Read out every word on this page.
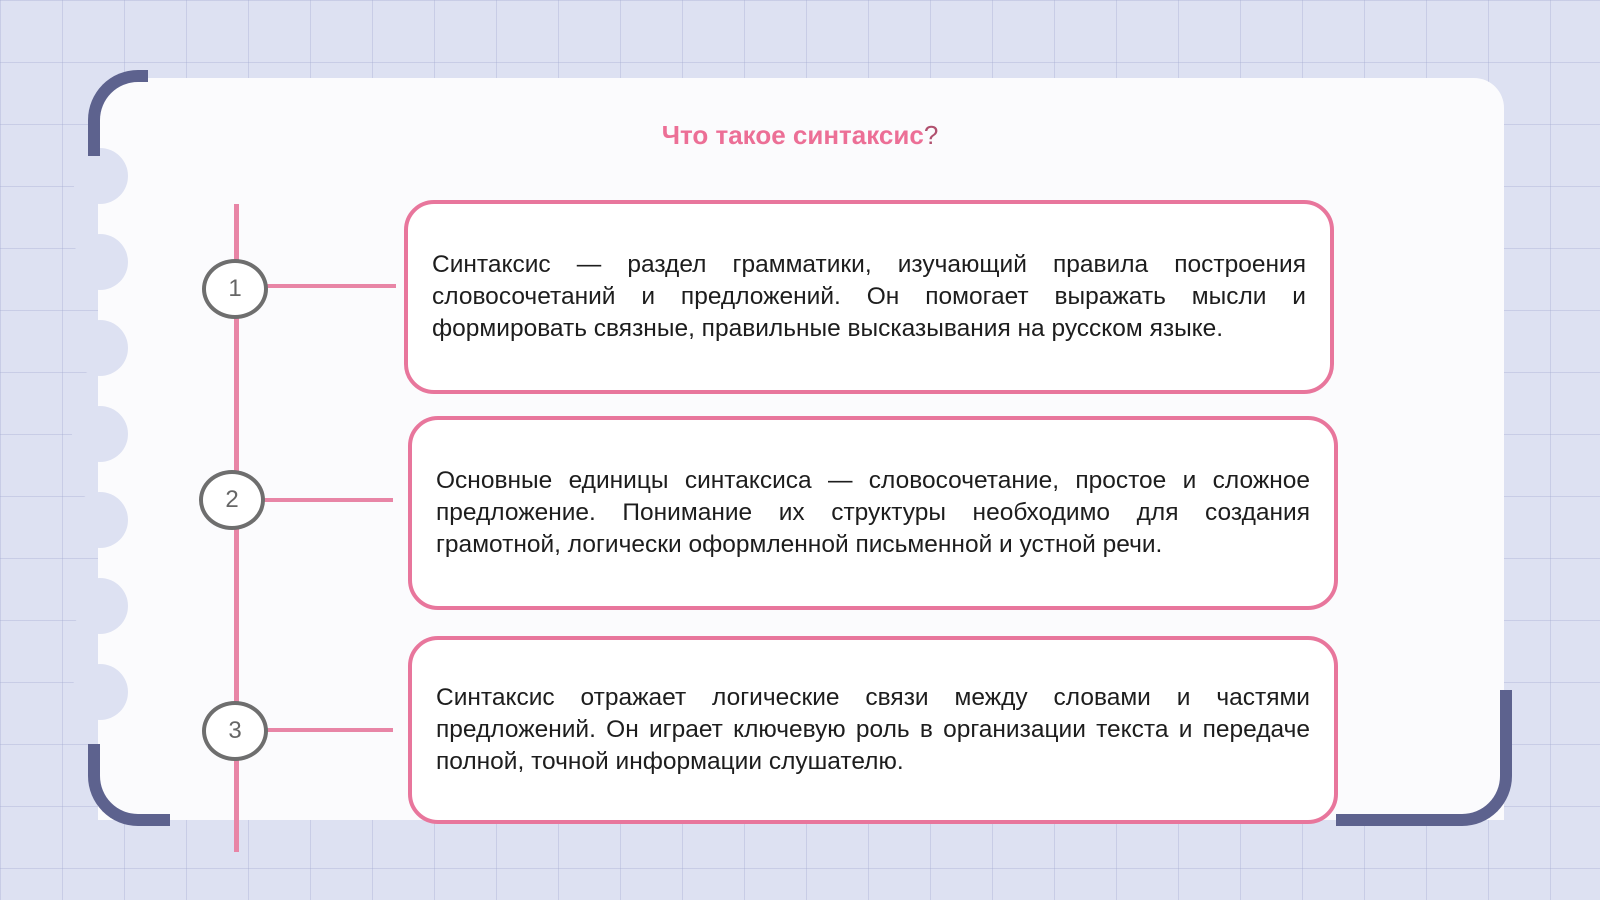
Что такое синтаксис?
1

Синтаксис — раздел грамматики, изучающий правила построения словосочетаний и предложений. Он помогает выражать мысли и формировать связные, правильные высказывания на русском языке.

2

Основные единицы синтаксиса — словосочетание, простое и сложное предложение. Понимание их структуры необходимо для создания грамотной, логически оформленной письменной и устной речи.

3

Синтаксис отражает логические связи между словами и частями предложений. Он играет ключевую роль в организации текста и передаче полной, точной информации слушателю.
